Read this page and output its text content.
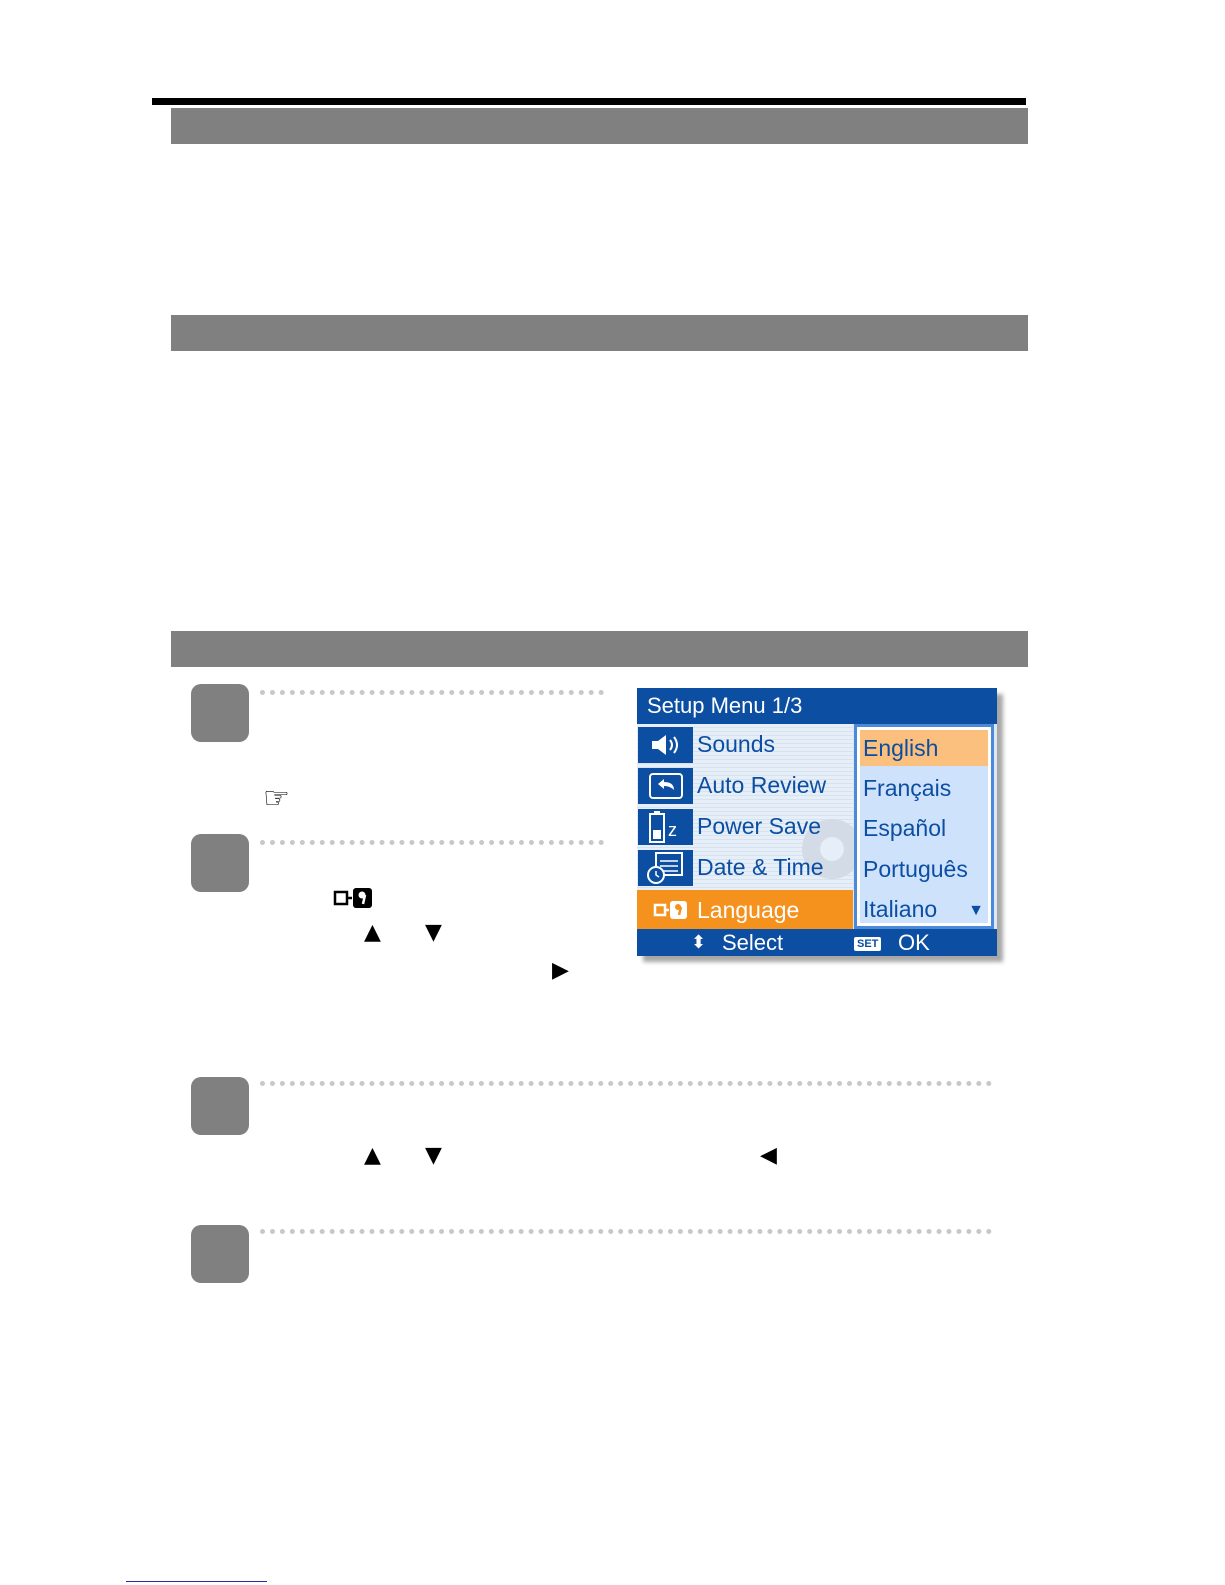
☞
▲ ▼
▶
▲ ▼	◀
Setup Menu 1/3
Sounds
Auto Review
z Power Save
Date & Time
Language
English
Français
Español
Português
Italiano	▼
⬍ Select	SET OK
